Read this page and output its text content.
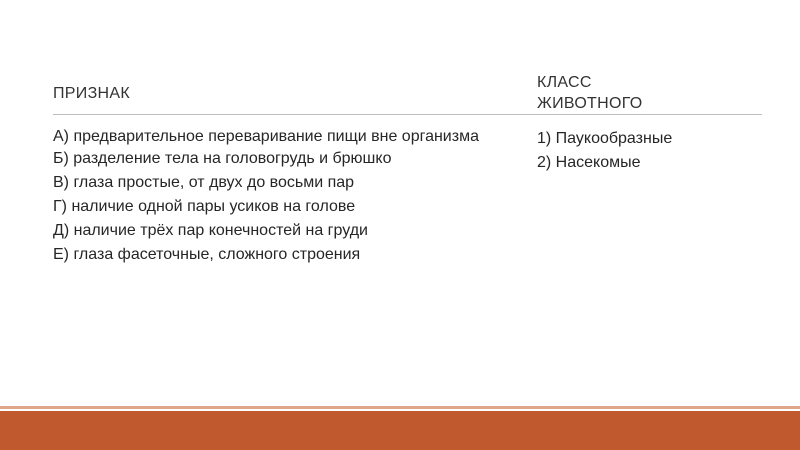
ПРИЗНАК
КЛАСС
ЖИВОТНОГО
А) предварительное переваривание пищи вне организма
Б) разделение тела на головогрудь и брюшко
В) глаза простые, от двух до восьми пар
Г) наличие одной пары усиков на голове
Д) наличие трёх пар конечностей на груди
Е) глаза фасеточные, сложного строения
1) Паукообразные
2) Насекомые
